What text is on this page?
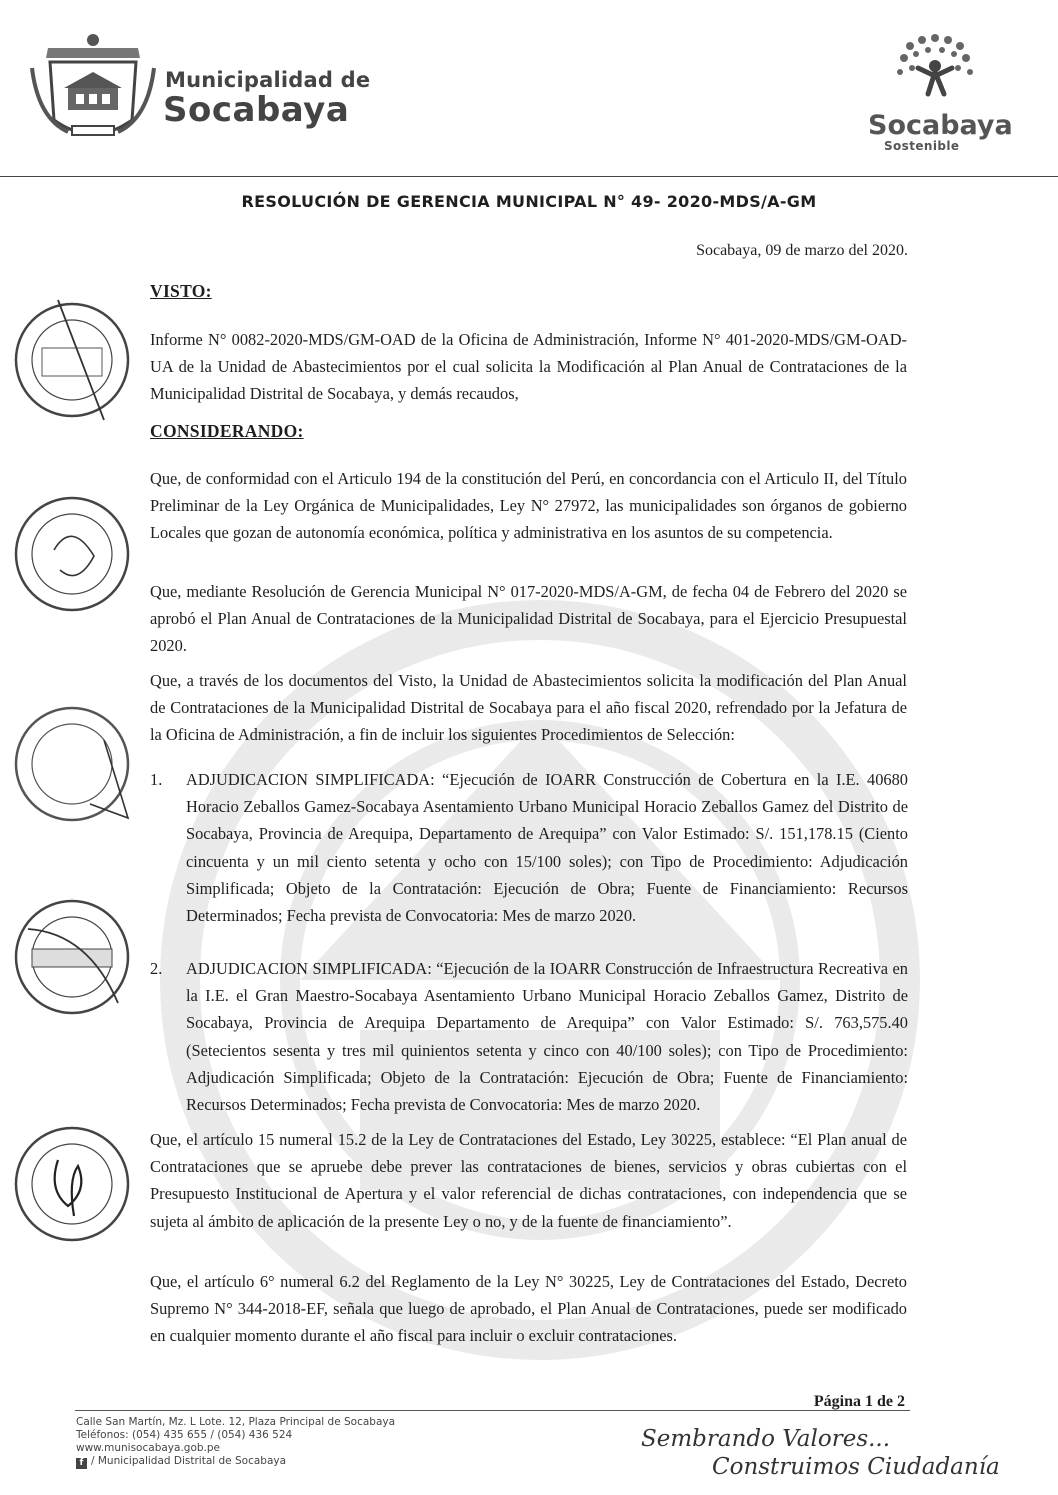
Municipalidad de
Socabaya	Socabaya
Sostenible
RESOLUCIÓN DE GERENCIA MUNICIPAL N° 49- 2020-MDS/A-GM
Socabaya, 09 de marzo del 2020.
VISTO:

Informe N° 0082-2020-MDS/GM-OAD de la Oficina de Administración, Informe N° 401-2020-MDS/GM-OAD-UA de la Unidad de Abastecimientos por el cual solicita la Modificación al Plan Anual de Contrataciones de la Municipalidad Distrital de Socabaya, y demás recaudos,

CONSIDERANDO:

Que, de conformidad con el Articulo 194 de la constitución del Perú, en concordancia con el Articulo II, del Título Preliminar de la Ley Orgánica de Municipalidades, Ley N° 27972, las municipalidades son órganos de gobierno Locales que gozan de autonomía económica, política y administrativa en los asuntos de su competencia.

Que, mediante Resolución de Gerencia Municipal N° 017-2020-MDS/A-GM, de fecha 04 de Febrero del 2020 se aprobó el Plan Anual de Contrataciones de la Municipalidad Distrital de Socabaya, para el Ejercicio Presupuestal 2020.

Que, a través de los documentos del Visto, la Unidad de Abastecimientos solicita la modificación del Plan Anual de Contrataciones de la Municipalidad Distrital de Socabaya para el año fiscal 2020, refrendado por la Jefatura de la Oficina de Administración, a fin de incluir los siguientes Procedimientos de Selección:

1. ADJUDICACION SIMPLIFICADA: “Ejecución de IOARR Construcción de Cobertura en la I.E. 40680 Horacio Zeballos Gamez-Socabaya Asentamiento Urbano Municipal Horacio Zeballos Gamez del Distrito de Socabaya, Provincia de Arequipa, Departamento de Arequipa” con Valor Estimado: S/. 151,178.15 (Ciento cincuenta y un mil ciento setenta y ocho con 15/100 soles); con Tipo de Procedimiento: Adjudicación Simplificada; Objeto de la Contratación: Ejecución de Obra; Fuente de Financiamiento: Recursos Determinados; Fecha prevista de Convocatoria: Mes de marzo 2020.
2. ADJUDICACION SIMPLIFICADA: “Ejecución de la IOARR Construcción de Infraestructura Recreativa en la I.E. el Gran Maestro-Socabaya Asentamiento Urbano Municipal Horacio Zeballos Gamez, Distrito de Socabaya, Provincia de Arequipa Departamento de Arequipa” con Valor Estimado: S/. 763,575.40 (Setecientos sesenta y tres mil quinientos setenta y cinco con 40/100 soles); con Tipo de Procedimiento: Adjudicación Simplificada; Objeto de la Contratación: Ejecución de Obra; Fuente de Financiamiento: Recursos Determinados; Fecha prevista de Convocatoria: Mes de marzo 2020.

Que, el artículo 15 numeral 15.2 de la Ley de Contrataciones del Estado, Ley 30225, establece: “El Plan anual de Contrataciones que se apruebe debe prever las contrataciones de bienes, servicios y obras cubiertas con el Presupuesto Institucional de Apertura y el valor referencial de dichas contrataciones, con independencia que se sujeta al ámbito de aplicación de la presente Ley o no, y de la fuente de financiamiento”.

Que, el artículo 6° numeral 6.2 del Reglamento de la Ley N° 30225, Ley de Contrataciones del Estado, Decreto Supremo N° 344-2018-EF, señala que luego de aprobado, el Plan Anual de Contrataciones, puede ser modificado en cualquier momento durante el año fiscal para incluir o excluir contrataciones.

Página 1 de 2
Calle San Martín, Mz. L Lote. 12, Plaza Principal de Socabaya
Teléfonos: (054) 435 655 / (054) 436 524
www.munisocabaya.gob.pe
f / Municipalidad Distrital de Socabaya
Sembrando Valores...
Construimos Ciudadanía
